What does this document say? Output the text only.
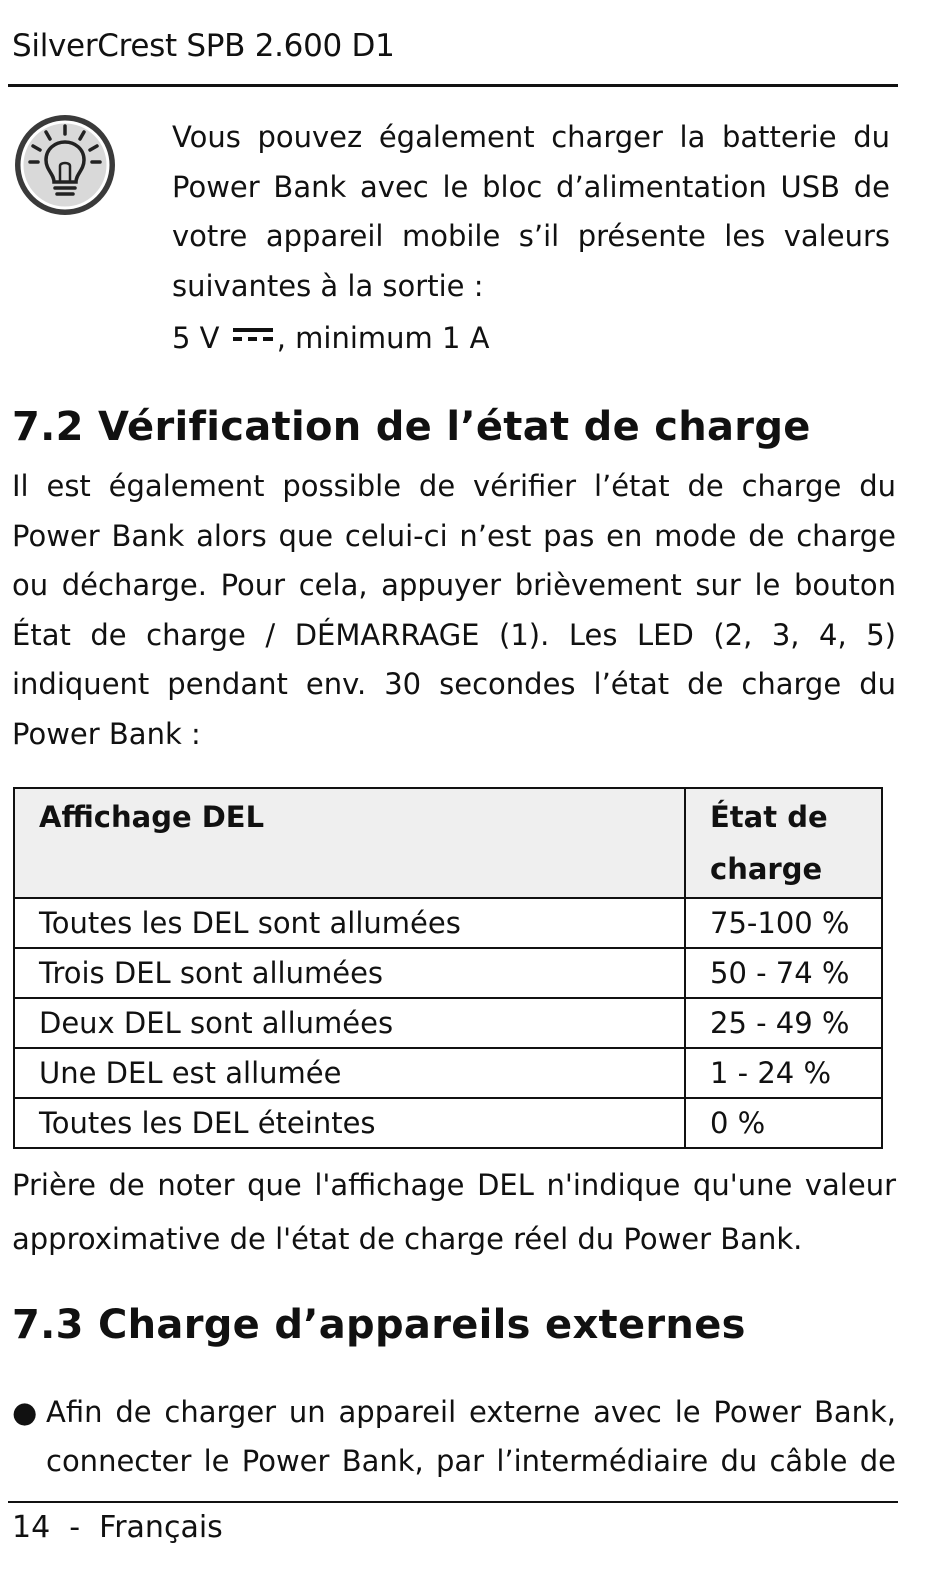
SilverCrest SPB 2.600 D1
Vous pouvez également charger la batterie du
Power Bank avec le bloc d’alimentation USB de
votre appareil mobile s’il présente les valeurs
suivantes à la sortie :
5 V , minimum 1 A
7.2 Vérification de l’état de charge
Il est également possible de vérifier l’état de charge du Power Bank alors que celui-ci n’est pas en mode de charge ou décharge. Pour cela, appuyer brièvement sur le bouton État de charge / DÉMARRAGE (1). Les LED (2, 3, 4, 5) indiquent pendant env. 30 secondes l’état de charge du Power Bank :
Affichage DEL	État de charge
Toutes les DEL sont allumées	75-100 %
Trois DEL sont allumées	50 - 74 %
Deux DEL sont allumées	25 - 49 %
Une DEL est allumée	1 - 24 %
Toutes les DEL éteintes	0 %
Prière de noter que l'affichage DEL n'indique qu'une valeur approximative de l'état de charge réel du Power Bank.
7.3 Charge d’appareils externes
● Afin de charger un appareil externe avec le Power Bank, connecter le Power Bank, par l’intermédiaire du câble de
14  -  Français
